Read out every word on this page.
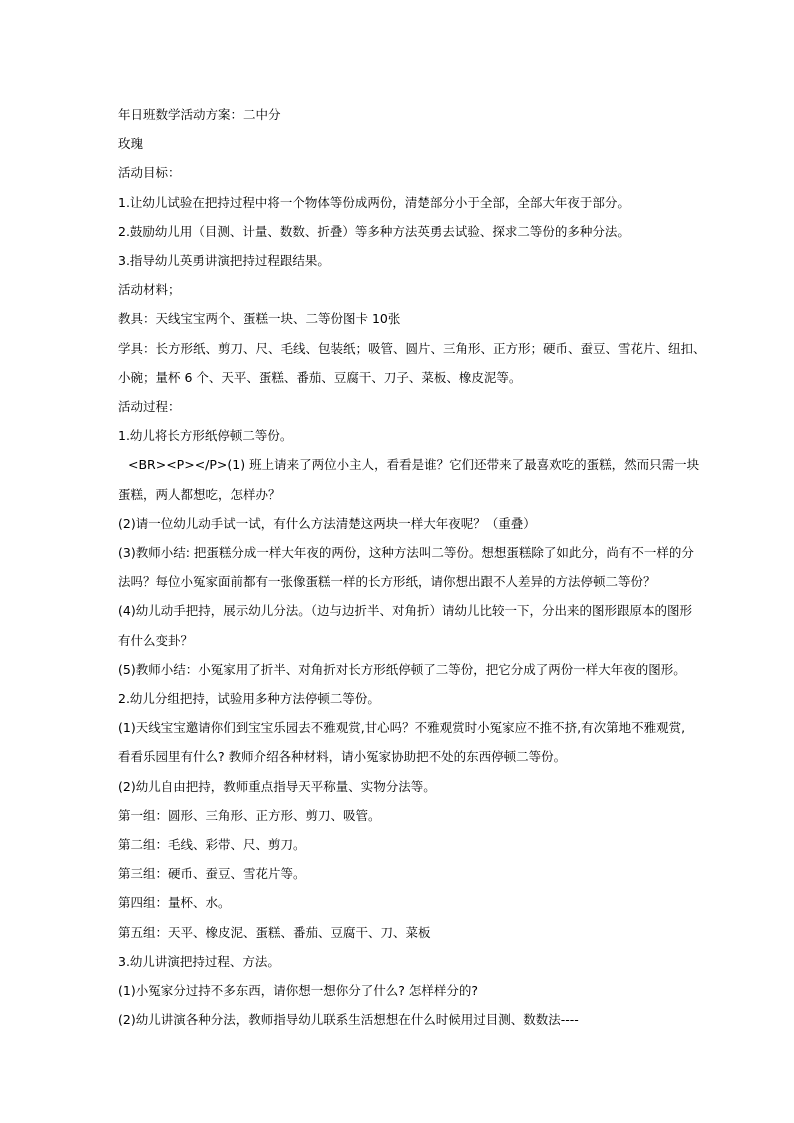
年日班数学活动方案：二中分

玫瑰

活动目标：

1.让幼儿试验在把持过程中将一个物体等份成两份，清楚部分小于全部，全部大年夜于部分。

2.鼓励幼儿用（目测、计量、数数、折叠）等多种方法英勇去试验、探求二等份的多种分法。

3.指导幼儿英勇讲演把持过程跟结果。

活动材料；

教具：天线宝宝两个、蛋糕一块、二等份图卡 10张

学具：长方形纸、剪刀、尺、毛线、包装纸；吸管、圆片、三角形、正方形；硬币、蚕豆、雪花片、纽扣、

小碗；量杯 6 个、天平、蛋糕、番茄、豆腐干、刀子、菜板、橡皮泥等。

活动过程：

1.幼儿将长方形纸停顿二等份。

<BR><P></P>(1) 班上请来了两位小主人，看看是谁？它们还带来了最喜欢吃的蛋糕，然而只需一块

蛋糕，两人都想吃，怎样办？

(2)请一位幼儿动手试一试，有什么方法清楚这两块一样大年夜呢？（重叠）

(3)教师小结: 把蛋糕分成一样大年夜的两份，这种方法叫二等份。想想蛋糕除了如此分，尚有不一样的分

法吗？每位小冤家面前都有一张像蛋糕一样的长方形纸，请你想出跟不人差异的方法停顿二等份？

(4)幼儿动手把持，展示幼儿分法。（边与边折半、对角折）请幼儿比较一下，分出来的图形跟原本的图形

有什么变卦？

(5)教师小结：小冤家用了折半、对角折对长方形纸停顿了二等份，把它分成了两份一样大年夜的图形。

2.幼儿分组把持，试验用多种方法停顿二等份。

(1)天线宝宝邀请你们到宝宝乐园去不雅观赏,甘心吗？不雅观赏时小冤家应不推不挤,有次第地不雅观赏,

看看乐园里有什么? 教师介绍各种材料，请小冤家协助把不处的东西停顿二等份。

(2)幼儿自由把持，教师重点指导天平称量、实物分法等。

第一组：圆形、三角形、正方形、剪刀、吸管。

第二组：毛线、彩带、尺、剪刀。

第三组：硬币、蚕豆、雪花片等。

第四组：量杯、水。

第五组：天平、橡皮泥、蛋糕、番茄、豆腐干、刀、菜板

3.幼儿讲演把持过程、方法。

(1)小冤家分过持不多东西，请你想一想你分了什么? 怎样样分的?

(2)幼儿讲演各种分法，教师指导幼儿联系生活想想在什么时候用过目测、数数法----
